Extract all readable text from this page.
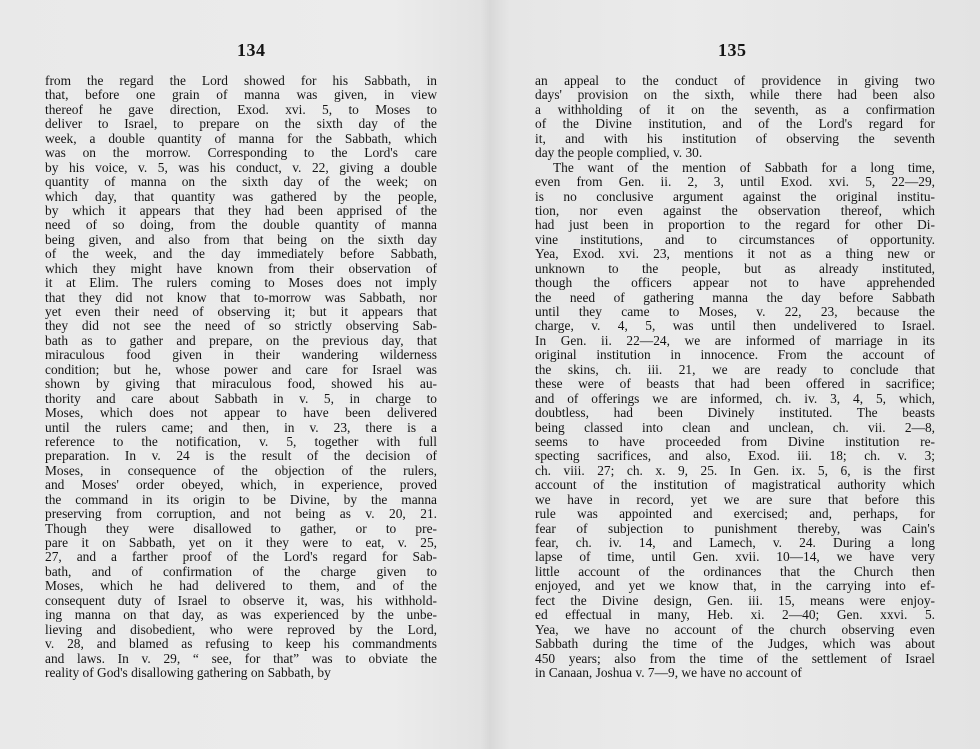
134
from the regard the Lord showed for his Sabbath, in
that, before one grain of manna was given, in view
thereof he gave direction, Exod. xvi. 5, to Moses to
deliver to Israel, to prepare on the sixth day of the
week, a double quantity of manna for the Sabbath, which
was on the morrow. Corresponding to the Lord's care
by his voice, v. 5, was his conduct, v. 22, giving a double
quantity of manna on the sixth day of the week; on
which day, that quantity was gathered by the people,
by which it appears that they had been apprised of the
need of so doing, from the double quantity of manna
being given, and also from that being on the sixth day
of the week, and the day immediately before Sabbath,
which they might have known from their observation of
it at Elim. The rulers coming to Moses does not imply
that they did not know that to-morrow was Sabbath, nor
yet even their need of observing it; but it appears that
they did not see the need of so strictly observing Sab-
bath as to gather and prepare, on the previous day, that
miraculous food given in their wandering wilderness
condition; but he, whose power and care for Israel was
shown by giving that miraculous food, showed his au-
thority and care about Sabbath in v. 5, in charge to
Moses, which does not appear to have been delivered
until the rulers came; and then, in v. 23, there is a
reference to the notification, v. 5, together with full
preparation. In v. 24 is the result of the decision of
Moses, in consequence of the objection of the rulers,
and Moses' order obeyed, which, in experience, proved
the command in its origin to be Divine, by the manna
preserving from corruption, and not being as v. 20, 21.
Though they were disallowed to gather, or to pre-
pare it on Sabbath, yet on it they were to eat, v. 25,
27, and a farther proof of the Lord's regard for Sab-
bath, and of confirmation of the charge given to
Moses, which he had delivered to them, and of the
consequent duty of Israel to observe it, was, his withhold-
ing manna on that day, as was experienced by the unbe-
lieving and disobedient, who were reproved by the Lord,
v. 28, and blamed as refusing to keep his commandments
and laws. In v. 29, “ see, for that” was to obviate the
reality of God's disallowing gathering on Sabbath, by
135
an appeal to the conduct of providence in giving two
days' provision on the sixth, while there had been also
a withholding of it on the seventh, as a confirmation
of the Divine institution, and of the Lord's regard for
it, and with his institution of observing the seventh
day the people complied, v. 30.
The want of the mention of Sabbath for a long time,
even from Gen. ii. 2, 3, until Exod. xvi. 5, 22—29,
is no conclusive argument against the original institu-
tion, nor even against the observation thereof, which
had just been in proportion to the regard for other Di-
vine institutions, and to circumstances of opportunity.
Yea, Exod. xvi. 23, mentions it not as a thing new or
unknown to the people, but as already instituted,
though the officers appear not to have apprehended
the need of gathering manna the day before Sabbath
until they came to Moses, v. 22, 23, because the
charge, v. 4, 5, was until then undelivered to Israel.
In Gen. ii. 22—24, we are informed of marriage in its
original institution in innocence. From the account of
the skins, ch. iii. 21, we are ready to conclude that
these were of beasts that had been offered in sacrifice;
and of offerings we are informed, ch. iv. 3, 4, 5, which,
doubtless, had been Divinely instituted. The beasts
being classed into clean and unclean, ch. vii. 2—8,
seems to have proceeded from Divine institution re-
specting sacrifices, and also, Exod. iii. 18; ch. v. 3;
ch. viii. 27; ch. x. 9, 25. In Gen. ix. 5, 6, is the first
account of the institution of magistratical authority which
we have in record, yet we are sure that before this
rule was appointed and exercised; and, perhaps, for
fear of subjection to punishment thereby, was Cain's
fear, ch. iv. 14, and Lamech, v. 24. During a long
lapse of time, until Gen. xvii. 10—14, we have very
little account of the ordinances that the Church then
enjoyed, and yet we know that, in the carrying into ef-
fect the Divine design, Gen. iii. 15, means were enjoy-
ed effectual in many, Heb. xi. 2—40; Gen. xxvi. 5.
Yea, we have no account of the church observing even
Sabbath during the time of the Judges, which was about
450 years; also from the time of the settlement of Israel
in Canaan, Joshua v. 7—9, we have no account of
